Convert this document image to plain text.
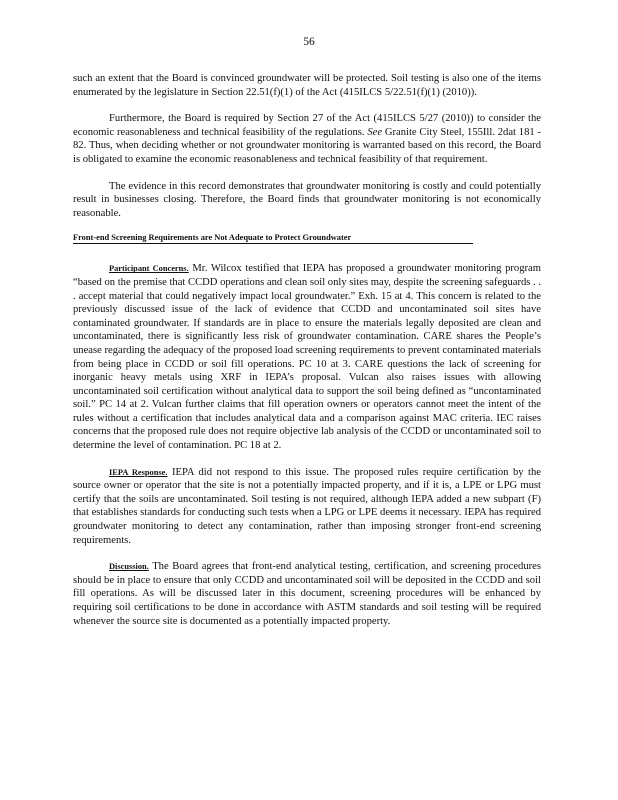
56

such an extent that the Board is convinced groundwater will be protected. Soil testing is also one of the items enumerated by the legislature in Section 22.51(f)(1) of the Act (415ILCS 5/22.51(f)(1) (2010)).

Furthermore, the Board is required by Section 27 of the Act (415ILCS 5/27 (2010)) to consider the economic reasonableness and technical feasibility of the regulations. See Granite City Steel, 155Ill. 2dat 181 - 82. Thus, when deciding whether or not groundwater monitoring is warranted based on this record, the Board is obligated to examine the economic reasonableness and technical feasibility of that requirement.

The evidence in this record demonstrates that groundwater monitoring is costly and could potentially result in businesses closing. Therefore, the Board finds that groundwater monitoring is not economically reasonable.

Front-end Screening Requirements are Not Adequate to Protect Groundwater

Participant Concerns. Mr. Wilcox testified that IEPA has proposed a groundwater monitoring program “based on the premise that CCDD operations and clean soil only sites may, despite the screening safeguards . . . accept material that could negatively impact local groundwater.” Exh. 15 at 4. This concern is related to the previously discussed issue of the lack of evidence that CCDD and uncontaminated soil sites have contaminated groundwater. If standards are in place to ensure the materials legally deposited are clean and uncontaminated, there is significantly less risk of groundwater contamination. CARE shares the People’s unease regarding the adequacy of the proposed load screening requirements to prevent contaminated materials from being place in CCDD or soil fill operations. PC 10 at 3. CARE questions the lack of screening for inorganic heavy metals using XRF in IEPA’s proposal. Vulcan also raises issues with allowing uncontaminated soil certification without analytical data to support the soil being defined as “uncontaminated soil.” PC 14 at 2. Vulcan further claims that fill operation owners or operators cannot meet the intent of the rules without a certification that includes analytical data and a comparison against MAC criteria. IEC raises concerns that the proposed rule does not require objective lab analysis of the CCDD or uncontaminated soil to determine the level of contamination. PC 18 at 2.

IEPA Response. IEPA did not respond to this issue. The proposed rules require certification by the source owner or operator that the site is not a potentially impacted property, and if it is, a LPE or LPG must certify that the soils are uncontaminated. Soil testing is not required, although IEPA added a new subpart (F) that establishes standards for conducting such tests when a LPG or LPE deems it necessary. IEPA has required groundwater monitoring to detect any contamination, rather than imposing stronger front-end screening requirements.

Discussion. The Board agrees that front-end analytical testing, certification, and screening procedures should be in place to ensure that only CCDD and uncontaminated soil will be deposited in the CCDD and soil fill operations. As will be discussed later in this document, screening procedures will be enhanced by requiring soil certifications to be done in accordance with ASTM standards and soil testing will be required whenever the source site is documented as a potentially impacted property.
